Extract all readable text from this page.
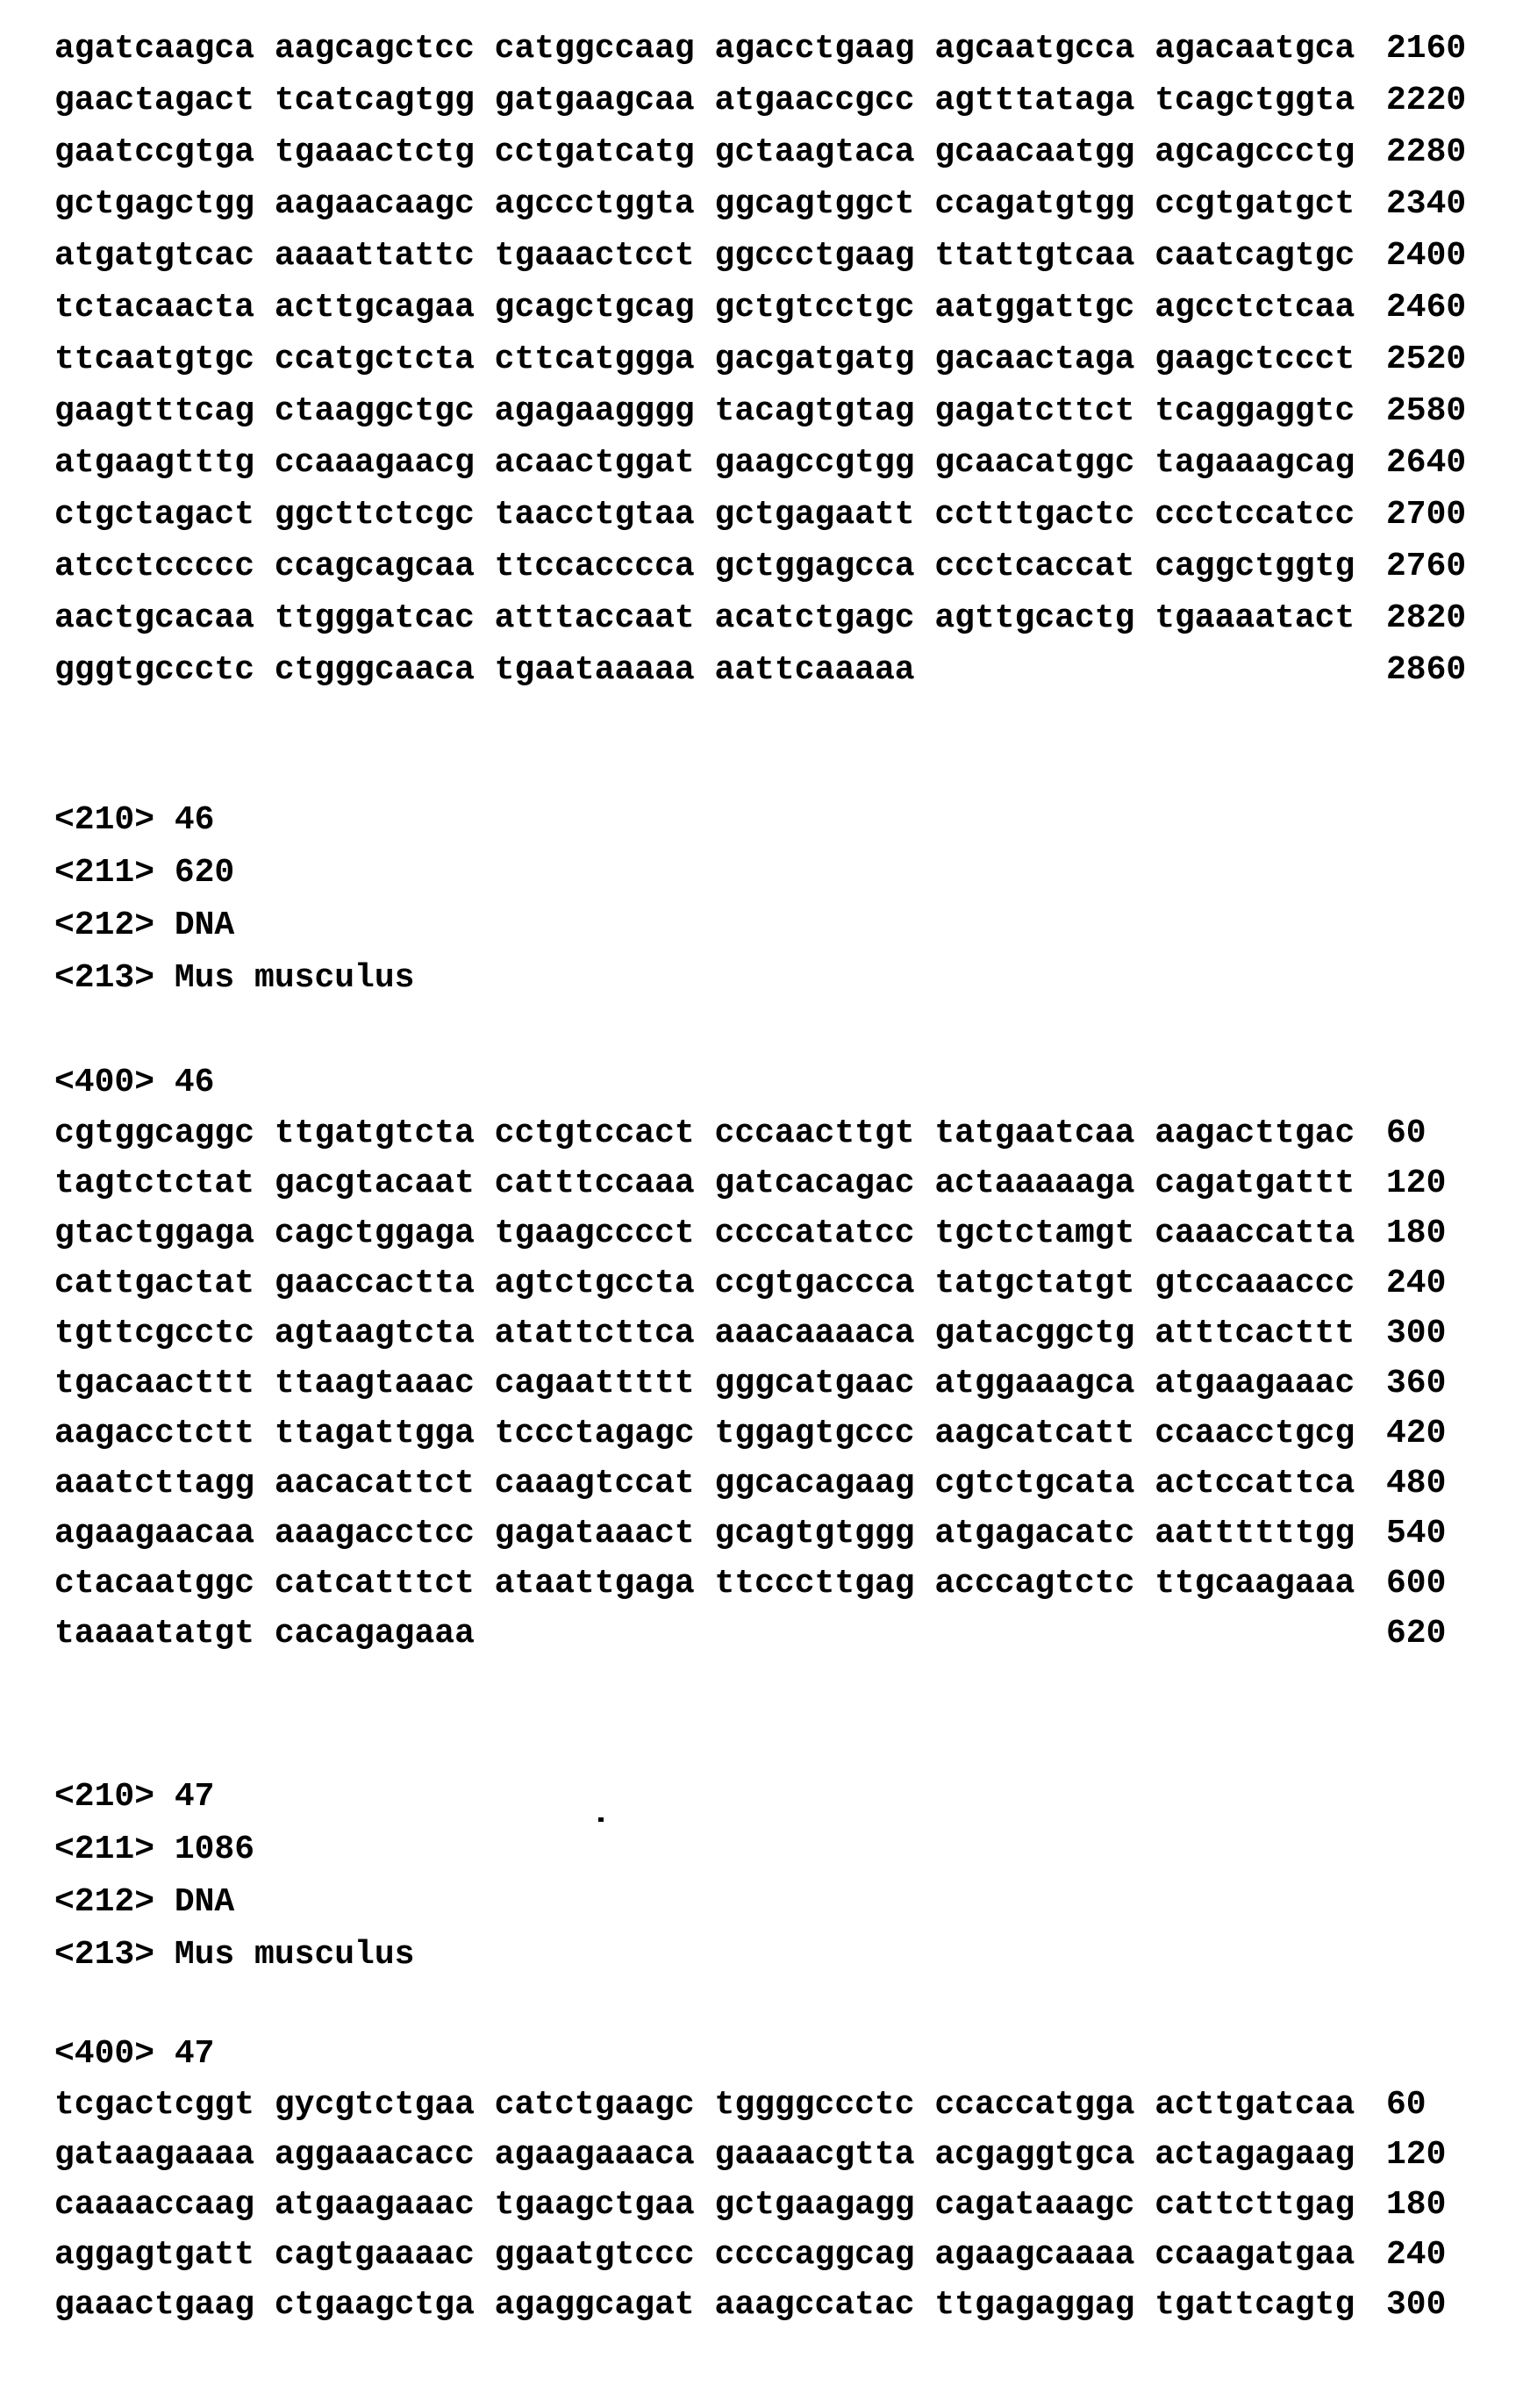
agatcaagca aagcagctcc catggccaag agacctgaag agcaatgcca agacaatgca 2160
gaactagact tcatcagtgg gatgaagcaa atgaaccgcc agtttataga tcagctggta 2220
gaatccgtga tgaaactctg cctgatcatg gctaagtaca gcaacaatgg agcagccctg 2280
gctgagctgg aagaacaagc agccctggta ggcagtggct ccagatgtgg ccgtgatgct 2340
atgatgtcac aaaattattc tgaaactcct ggccctgaag ttattgtcaa caatcagtgc 2400
tctacaacta acttgcagaa gcagctgcag gctgtcctgc aatggattgc agcctctcaa 2460
ttcaatgtgc ccatgctcta cttcatggga gacgatgatg gacaactaga gaagctccct 2520
gaagtttcag ctaaggctgc agagaagggg tacagtgtag gagatcttct tcaggaggtc 2580
atgaagtttg ccaaagaacg acaactggat gaagccgtgg gcaacatggc tagaaagcag 2640
ctgctagact ggcttctcgc taacctgtaa gctgagaatt cctttgactc ccctccatcc 2700
atcctccccc ccagcagcaa ttccacccca gctggagcca ccctcaccat caggctggtg 2760
aactgcacaa ttgggatcac atttaccaat acatctgagc agttgcactg tgaaaatact 2820
gggtgccctc ctgggcaaca tgaataaaaa aattcaaaaa	2860
<210> 46
<211> 620
<212> DNA
<213> Mus musculus
<400> 46
cgtggcaggc ttgatgtcta cctgtccact cccaacttgt tatgaatcaa aagacttgac 60
tagtctctat gacgtacaat catttccaaa gatcacagac actaaaaaga cagatgattt 120
gtactggaga cagctggaga tgaagcccct ccccatatcc tgctctamgt caaaccatta 180
cattgactat gaaccactta agtctgccta ccgtgaccca tatgctatgt gtccaaaccc 240
tgttcgcctc agtaagtcta atattcttca aaacaaaaca gatacggctg atttcacttt 300
tgacaacttt ttaagtaaac cagaattttt gggcatgaac atggaaagca atgaagaaac 360
aagacctctt ttagattgga tccctagagc tggagtgccc aagcatcatt ccaacctgcg 420
aaatcttagg aacacattct caaagtccat ggcacagaag cgtctgcata actccattca 480
agaagaacaa aaagacctcc gagataaact gcagtgtggg atgagacatc aattttttgg 540
ctacaatggc catcatttct ataattgaga ttcccttgag acccagtctc ttgcaagaaa 600
taaaatatgt cacagagaaa	620
<210> 47
<211> 1086
<212> DNA
<213> Mus musculus
<400> 47
tcgactcggt gycgtctgaa catctgaagc tggggccctc ccaccatgga acttgatcaa 60
gataagaaaa aggaaacacc agaagaaaca gaaaacgtta acgaggtgca actagagaag 120
caaaaccaag atgaagaaac tgaagctgaa gctgaagagg cagataaagc cattcttgag 180
aggagtgatt cagtgaaaac ggaatgtccc ccccaggcag agaagcaaaa ccaagatgaa 240
gaaactgaag ctgaagctga agaggcagat aaagccatac ttgagaggag tgattcagtg 300
